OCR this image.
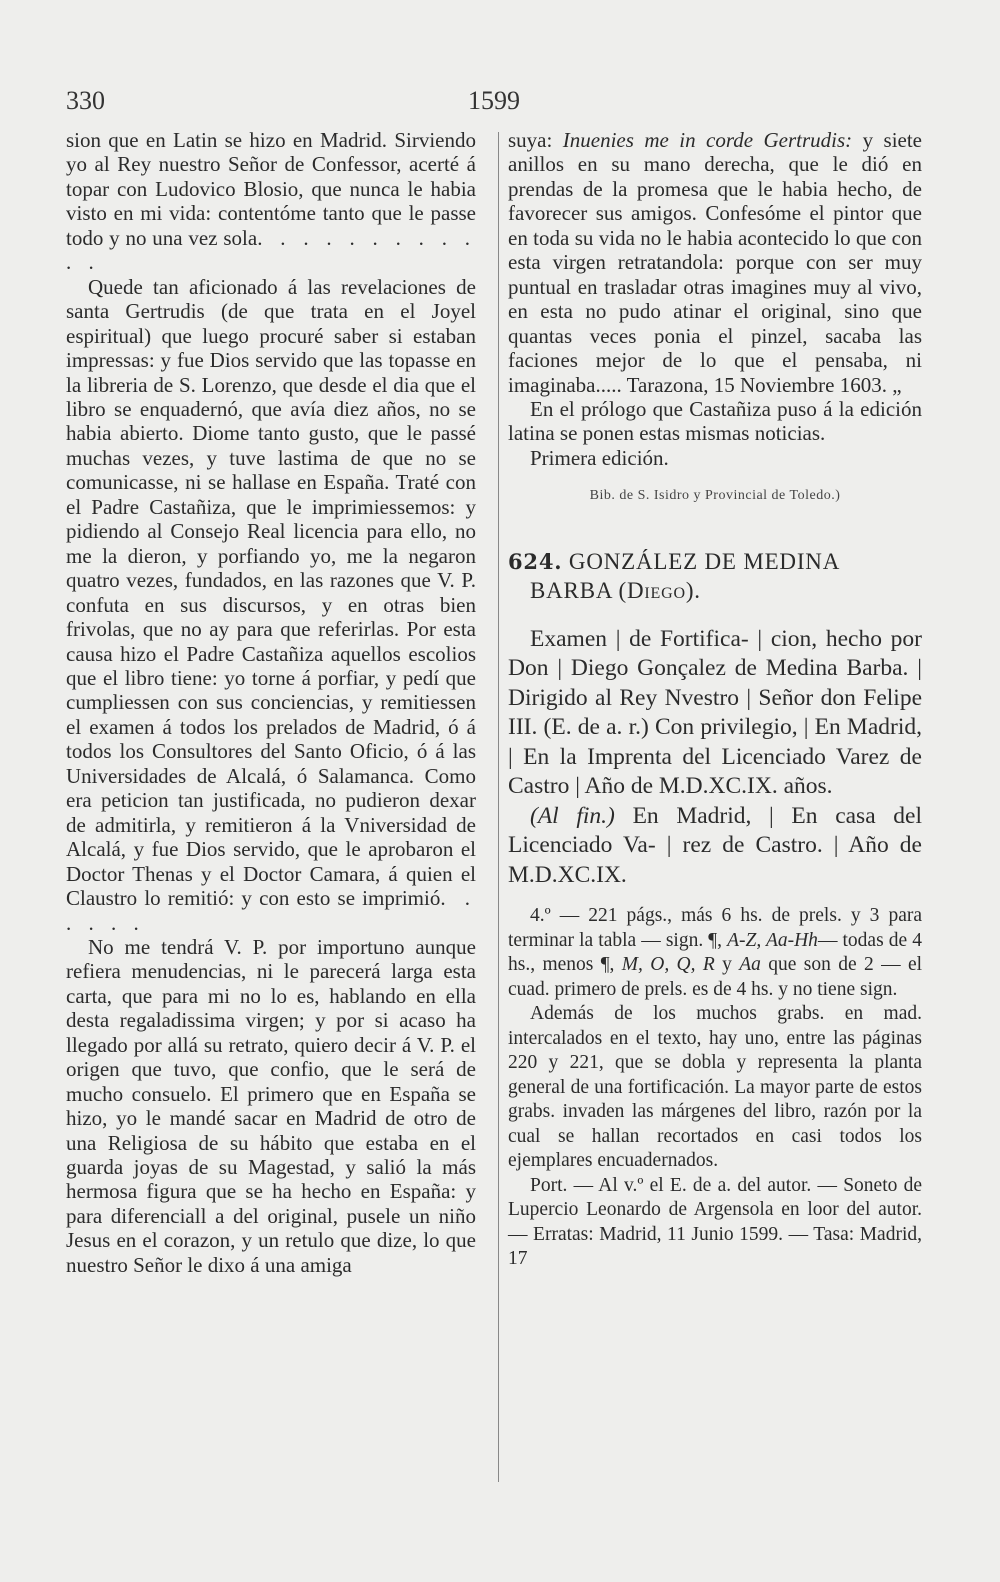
330	1599

sion que en Latin se hizo en Madrid. Sirviendo yo al Rey nuestro Señor de Confessor, acerté á topar con Ludovico Blosio, que nunca le habia visto en mi vida: contentóme tanto que le passe todo y no una vez sola. . . . . . . . . . . .

Quede tan aficionado á las revelaciones de santa Gertrudis (de que trata en el Joyel espiritual) que luego procuré saber si estaban impressas: y fue Dios servido que las topasse en la libreria de S. Lorenzo, que desde el dia que el libro se enquadernó, que avía diez años, no se habia abierto. Diome tanto gusto, que le passé muchas vezes, y tuve lastima de que no se comunicasse, ni se hallase en España. Traté con el Padre Castañiza, que le imprimiessemos: y pidiendo al Consejo Real licencia para ello, no me la dieron, y porfiando yo, me la negaron quatro vezes, fundados, en las razones que V. P. confuta en sus discursos, y en otras bien frivolas, que no ay para que referirlas. Por esta causa hizo el Padre Castañiza aquellos escolios que el libro tiene: yo torne á porfiar, y pedí que cumpliessen con sus conciencias, y remitiessen el examen á todos los prelados de Madrid, ó á todos los Consultores del Santo Oficio, ó á las Universidades de Alcalá, ó Salamanca. Como era peticion tan justificada, no pudieron dexar de admitirla, y remitieron á la Vniversidad de Alcalá, y fue Dios servido, que le aprobaron el Doctor Thenas y el Doctor Camara, á quien el Claustro lo remitió: y con esto se imprimió. . . . . .

No me tendrá V. P. por importuno aunque refiera menudencias, ni le parecerá larga esta carta, que para mi no lo es, hablando en ella desta regaladissima virgen; y por si acaso ha llegado por allá su retrato, quiero decir á V. P. el origen que tuvo, que confio, que le será de mucho consuelo. El primero que en España se hizo, yo le mandé sacar en Madrid de otro de una Religiosa de su hábito que estaba en el guarda joyas de su Magestad, y salió la más hermosa figura que se ha hecho en España: y para diferenciall a del original, pusele un niño Jesus en el corazon, y un retulo que dize, lo que nuestro Señor le dixo á una amiga

suya: Inuenies me in corde Gertrudis: y siete anillos en su mano derecha, que le dió en prendas de la promesa que le habia hecho, de favorecer sus amigos. Confesóme el pintor que en toda su vida no le habia acontecido lo que con esta virgen retratandola: porque con ser muy puntual en trasladar otras imagines muy al vivo, en esta no pudo atinar el original, sino que quantas veces ponia el pinzel, sacaba las faciones mejor de lo que el pensaba, ni imaginaba..... Tarazona, 15 Noviembre 1603. „

En el prólogo que Castañiza puso á la edición latina se ponen estas mismas noticias.

Primera edición.

Bib. de S. Isidro y Provincial de Toledo.)

624. GONZÁLEZ DE MEDINA
BARBA (Diego).

Examen | de Fortifica- | cion, hecho por Don | Diego Gonçalez de Medina Barba. | Dirigido al Rey Nvestro | Señor don Felipe III. (E. de a. r.) Con privilegio, | En Madrid, | En la Imprenta del Licenciado Varez de Castro | Año de M.D.XC.IX. años.

(Al fin.) En Madrid, | En casa del Licenciado Va- | rez de Castro. | Año de M.D.XC.IX.

4.º — 221 págs., más 6 hs. de prels. y 3 para terminar la tabla — sign. ¶, A-Z, Aa-Hh— todas de 4 hs., menos ¶, M, O, Q, R y Aa que son de 2 — el cuad. primero de prels. es de 4 hs. y no tiene sign.

Además de los muchos grabs. en mad. intercalados en el texto, hay uno, entre las páginas 220 y 221, que se dobla y representa la planta general de una fortificación. La mayor parte de estos grabs. invaden las márgenes del libro, razón por la cual se hallan recortados en casi todos los ejemplares encuadernados.

Port. — Al v.º el E. de a. del autor. — Soneto de Lupercio Leonardo de Argensola en loor del autor. — Erratas: Madrid, 11 Junio 1599. — Tasa: Madrid, 17
